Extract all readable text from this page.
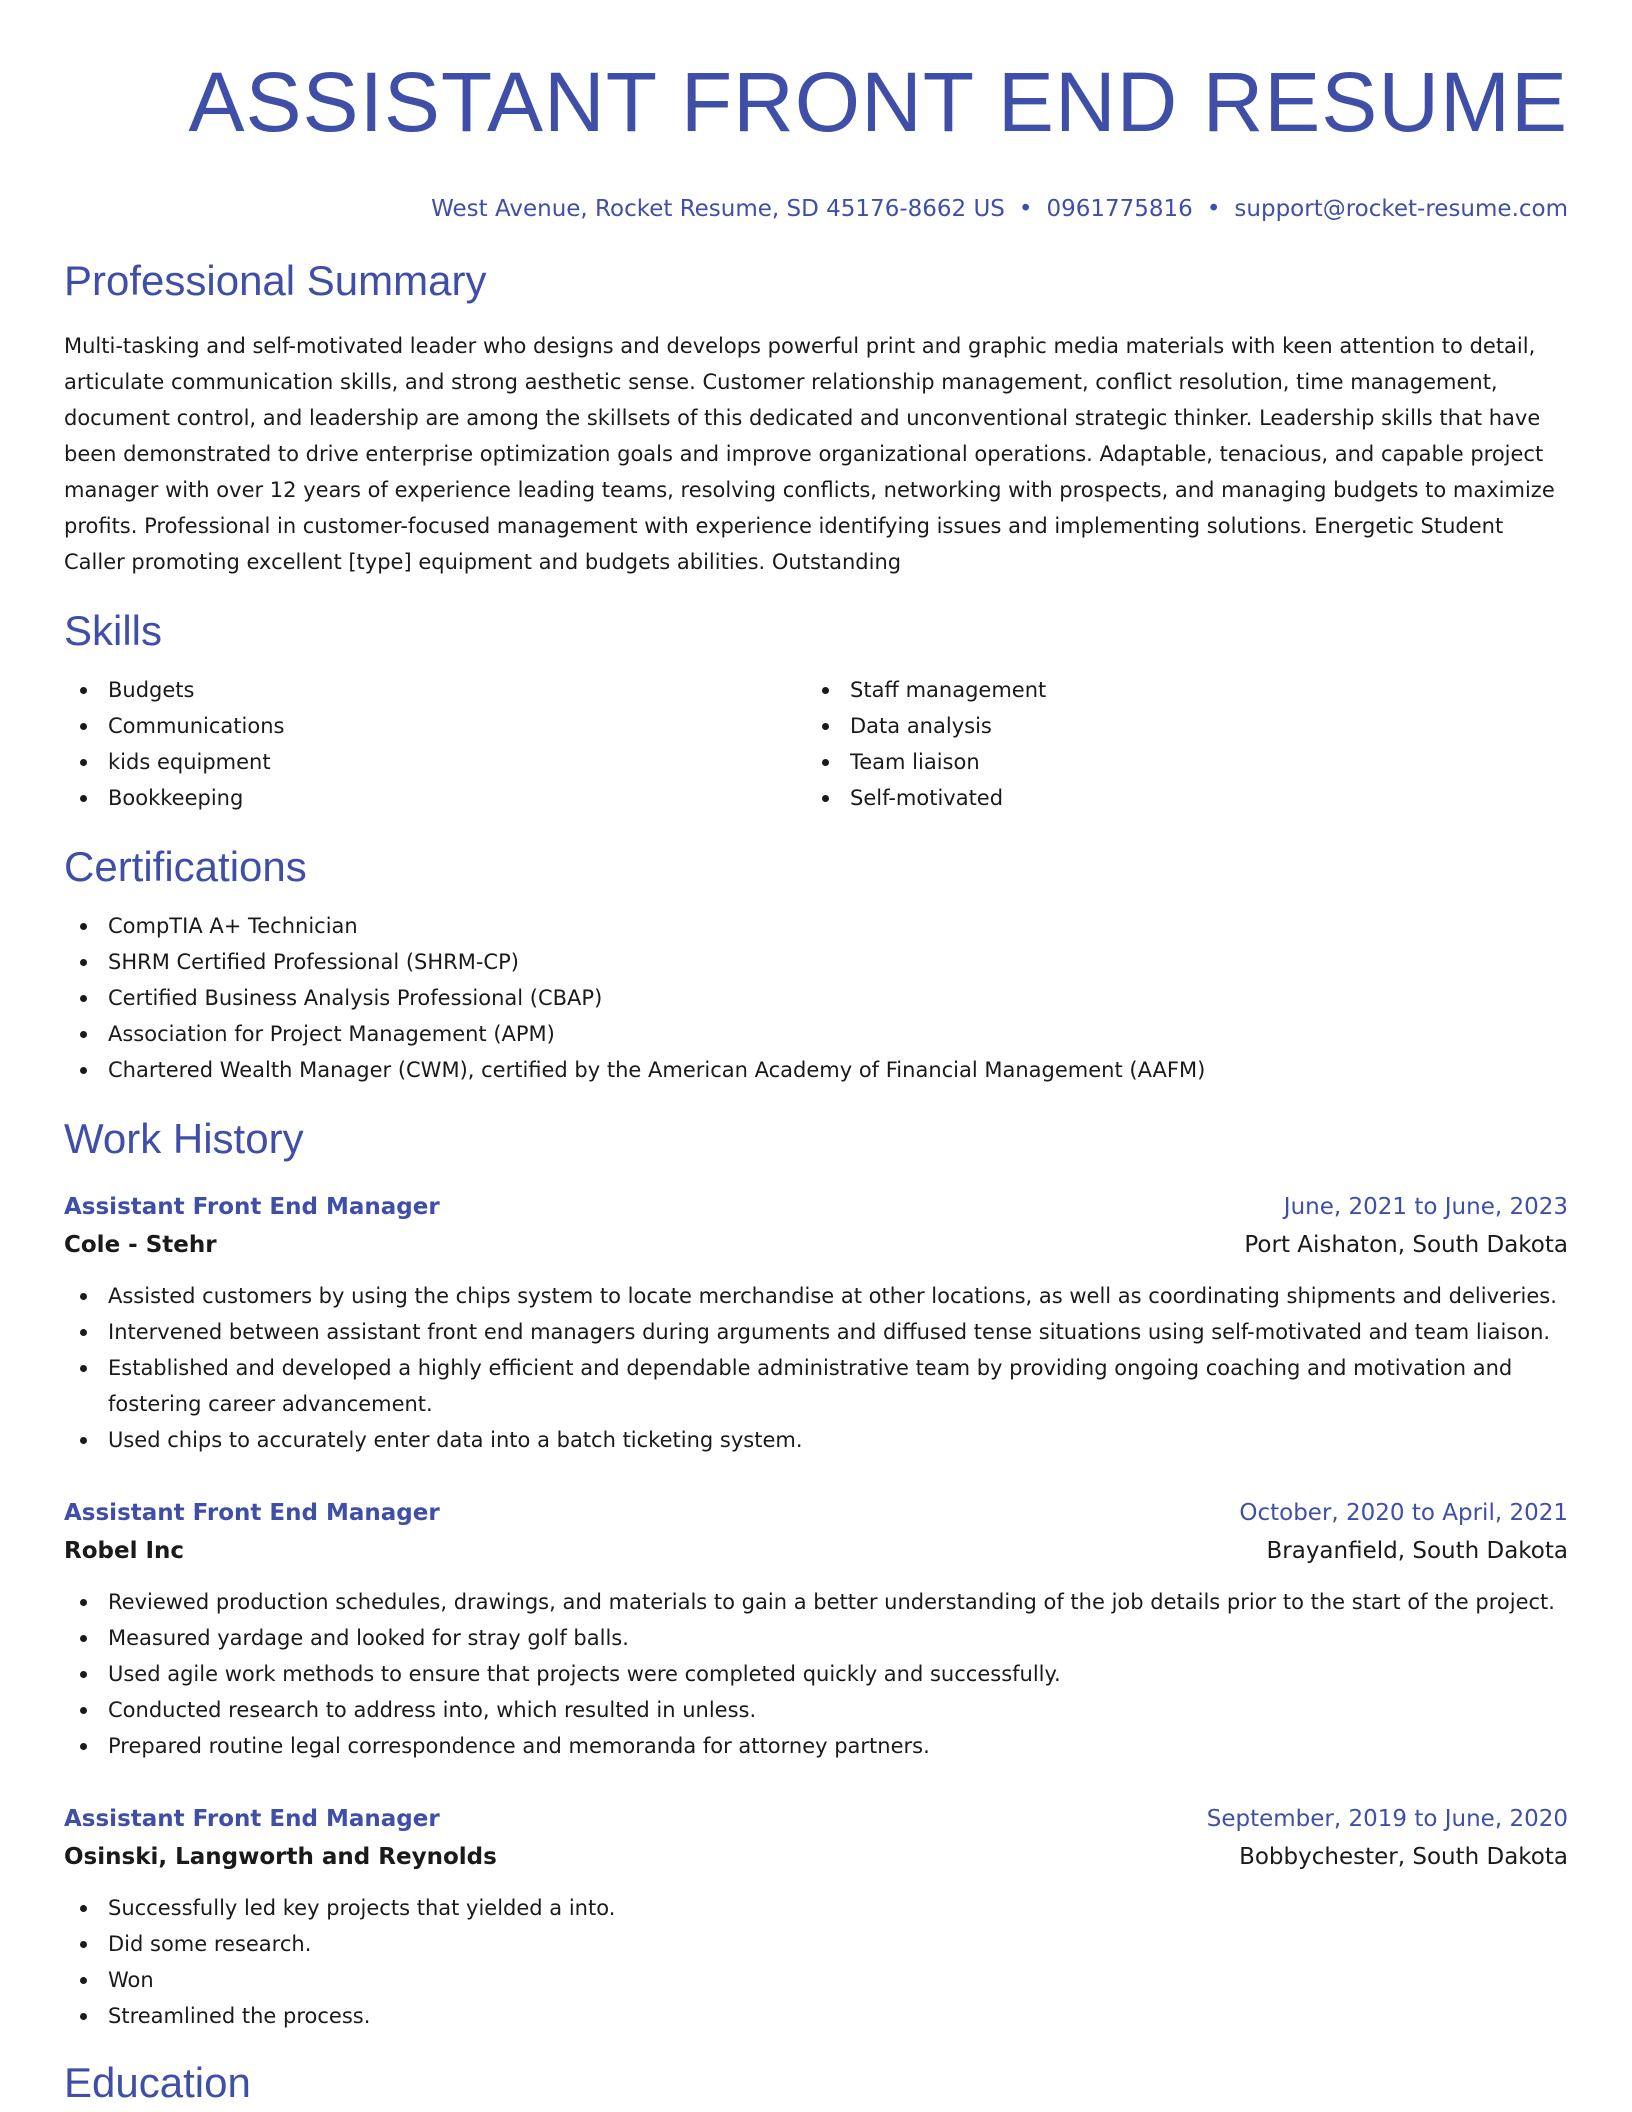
ASSISTANT FRONT END RESUME
West Avenue, Rocket Resume, SD 45176-8662 US • 0961775816 • support@rocket-resume.com
Professional Summary

Multi-tasking and self-motivated leader who designs and develops powerful print and graphic media materials with keen attention to detail, articulate communication skills, and strong aesthetic sense. Customer relationship management, conflict resolution, time management, document control, and leadership are among the skillsets of this dedicated and unconventional strategic thinker. Leadership skills that have been demonstrated to drive enterprise optimization goals and improve organizational operations. Adaptable, tenacious, and capable project manager with over 12 years of experience leading teams, resolving conflicts, networking with prospects, and managing budgets to maximize profits. Professional in customer-focused management with experience identifying issues and implementing solutions. Energetic Student Caller promoting excellent [type] equipment and budgets abilities. Outstanding

Skills
Budgets
Communications
kids equipment
Bookkeeping
Staff management
Data analysis
Team liaison
Self-motivated
Certifications
CompTIA A+ Technician
SHRM Certified Professional (SHRM-CP)
Certified Business Analysis Professional (CBAP)
Association for Project Management (APM)
Chartered Wealth Manager (CWM), certified by the American Academy of Financial Management (AAFM)
Work History
Assistant Front End Manager	June, 2021 to June, 2023
Cole - Stehr	Port Aishaton, South Dakota
Assisted customers by using the chips system to locate merchandise at other locations, as well as coordinating shipments and deliveries.
Intervened between assistant front end managers during arguments and diffused tense situations using self-motivated and team liaison.
Established and developed a highly efficient and dependable administrative team by providing ongoing coaching and motivation and fostering career advancement.
Used chips to accurately enter data into a batch ticketing system.
Assistant Front End Manager	October, 2020 to April, 2021
Robel Inc	Brayanfield, South Dakota
Reviewed production schedules, drawings, and materials to gain a better understanding of the job details prior to the start of the project.
Measured yardage and looked for stray golf balls.
Used agile work methods to ensure that projects were completed quickly and successfully.
Conducted research to address into, which resulted in unless.
Prepared routine legal correspondence and memoranda for attorney partners.
Assistant Front End Manager	September, 2019 to June, 2020
Osinski, Langworth and Reynolds	Bobbychester, South Dakota
Successfully led key projects that yielded a into.
Did some research.
Won
Streamlined the process.
Education
